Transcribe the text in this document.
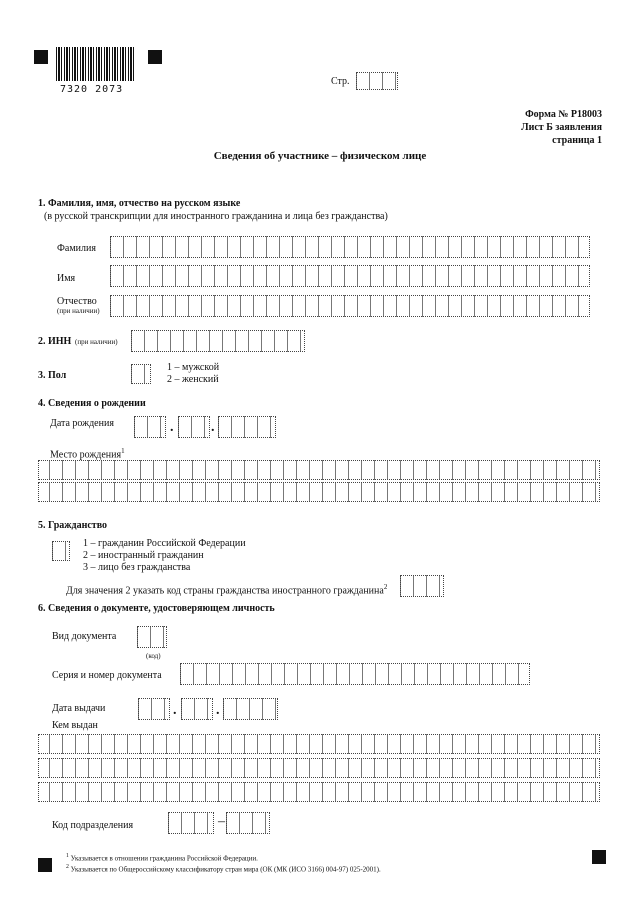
7320 2073
Стр.
Форма № Р18003
Лист Б заявления
страница 1
Сведения об участнике – физическом лице
1. Фамилия, имя, отчество на русском языке
(в русской транскрипции для иностранного гражданина и лица без гражданства)
Фамилия
Имя
Отчество
(при наличии)
2. ИНН (при наличии)
3. Пол
1 – мужской
2 – женский
4. Сведения о рождении
Дата рождения	.	.
Место рождения$^1$
5. Гражданство
1 – гражданин Российской Федерации
2 – иностранный гражданин
3 – лицо без гражданства
Для значения 2 указать код страны гражданства иностранного гражданина$^2$
6. Сведения о документе, удостоверяющем личность
Вид документа
(код)
Серия и номер документа
Дата выдачи	.	.
Кем выдан
Код подразделения	–
$^1$ Указывается в отношении гражданина Российской Федерации.
$^2$ Указывается по Общероссийскому классификатору стран мира (ОК (МК (ИСО 3166) 004-97) 025-2001).
